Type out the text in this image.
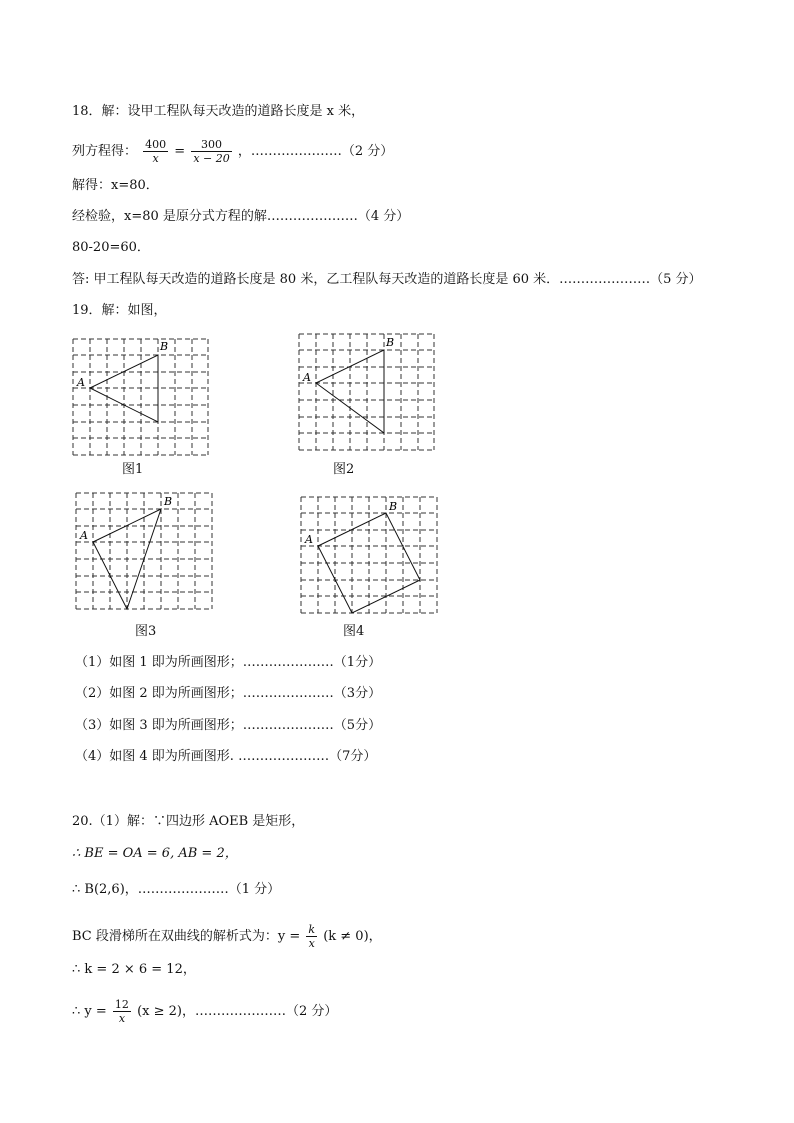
18．解：设甲工程队每天改造的道路长度是 x 米，
列方程得： $\frac{400}{x} = \frac{300}{x - 20}$ ，…………………（2 分）
解得：x=80．
经检验，x=80 是原分式方程的解…………………（4 分）
80-20=60．
答: 甲工程队每天改造的道路长度是 80 米，乙工程队每天改造的道路长度是 60 米．…………………（5 分）
19．解：如图，
A
B
图1
A
B
图2
A
B
图3
A
B
图4
（1）如图 1 即为所画图形；…………………（1分）
（2）如图 2 即为所画图形；…………………（3分）
（3）如图 3 即为所画图形；…………………（5分）
（4）如图 4 即为所画图形. …………………（7分）
20.（1）解：∵四边形 AOEB 是矩形，
∴ BE = OA = 6, AB = 2，
∴ B(2,6)，…………………（1 分）
BC 段滑梯所在双曲线的解析式为：$y = \frac{k}{x} (k \ne 0)$，
∴ k = 2 × 6 = 12，
∴ $y = \frac{12}{x} (x \ge 2)$，…………………（2 分）
